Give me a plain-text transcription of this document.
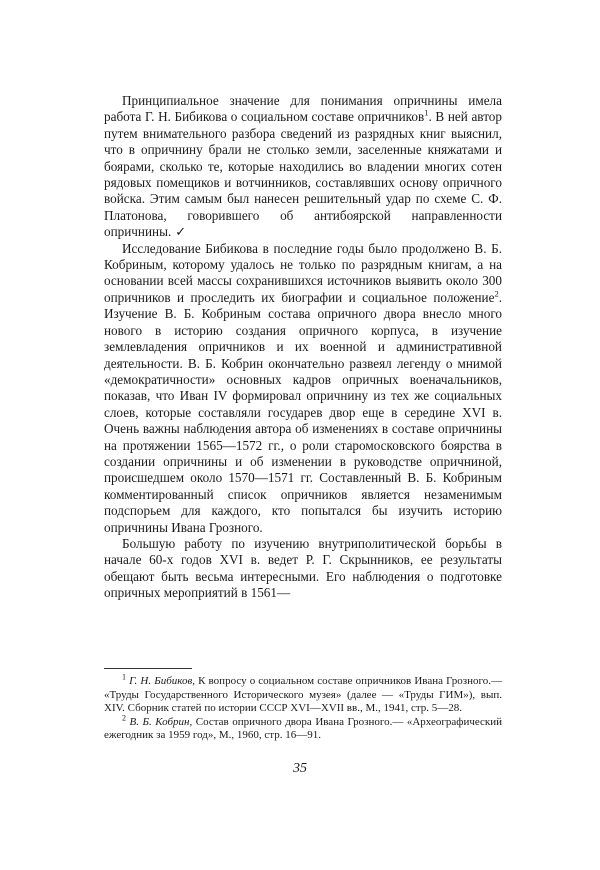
Принципиальное значение для понимания опричнины имела работа Г. Н. Бибикова о социальном составе опричников$^1$. В ней автор путем внимательного разбора сведений из разрядных книг выяснил, что в опричнину брали не столько земли, заселенные княжатами и боярами, сколько те, которые находились во владении многих сотен рядовых помещиков и вотчинников, составлявших основу опричного войска. Этим самым был нанесен решительный удар по схеме С. Ф. Платонова, говорившего об антибоярской направленности опричнины. ✓

Исследование Бибикова в последние годы было продолжено В. Б. Кобриным, которому удалось не только по разрядным книгам, а на основании всей массы сохранившихся источников выявить около 300 опричников и проследить их биографии и социальное положение$^2$. Изучение В. Б. Кобриным состава опричного двора внесло много нового в историю создания опричного корпуса, в изучение землевладения опричников и их военной и административной деятельности. В. Б. Кобрин окончательно развеял легенду о мнимой «демократичности» основных кадров опричных военачальников, показав, что Иван IV формировал опричнину из тех же социальных слоев, которые составляли государев двор еще в середине XVI в. Очень важны наблюдения автора об изменениях в составе опричнины на протяжении 1565—1572 гг., о роли старомосковского боярства в создании опричнины и об изменении в руководстве опричниной, происшедшем около 1570—1571 гг. Составленный В. Б. Кобриным комментированный список опричников является незаменимым подспорьем для каждого, кто попытался бы изучить историю опричнины Ивана Грозного.

Большую работу по изучению внутриполитической борьбы в начале 60-х годов XVI в. ведет Р. Г. Скрынников, ее результаты обещают быть весьма интересными. Его наблюдения о подготовке опричных мероприятий в 1561—

$^1$ Г. Н. Бибиков, К вопросу о социальном составе опричников Ивана Грозного.— «Труды Государственного Исторического музея» (далее — «Труды ГИМ»), вып. XIV. Сборник статей по истории СССР XVI—XVII вв., М., 1941, стр. 5—28.

$^2$ В. Б. Кобрин, Состав опричного двора Ивана Грозного.— «Археографический ежегодник за 1959 год», М., 1960, стр. 16—91.

35
